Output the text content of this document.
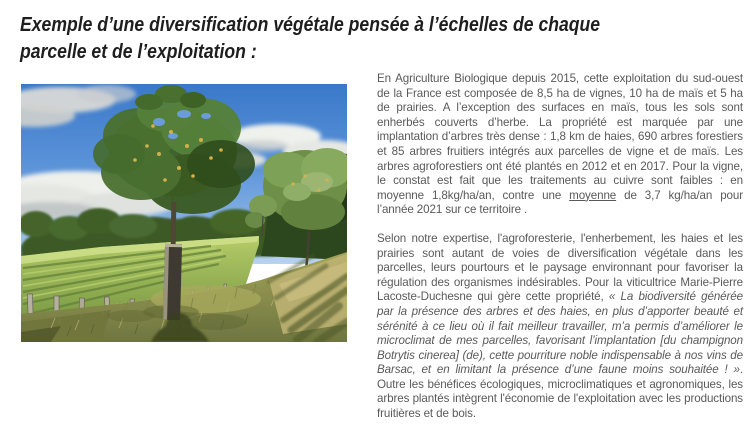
Exemple d’une diversification végétale pensée à l’échelles de chaque
parcelle et de l’exploitation :

En Agriculture Biologique depuis 2015, cette exploitation du sud-ouest de la France est composée de 8,5 ha de vignes, 10 ha de maïs et 5 ha de prairies. A l’exception des surfaces en maïs, tous les sols sont enherbés couverts d’herbe. La propriété est marquée par une implantation d’arbres très dense : 1,8 km de haies, 690 arbres forestiers et 85 arbres fruitiers intégrés aux parcelles de vigne et de maïs. Les arbres agroforestiers ont été plantés en 2012 et en 2017. Pour la vigne, le constat est fait que les traitements au cuivre sont faibles : en moyenne 1,8kg/ha/an, contre une moyenne de 3,7 kg/ha/an pour l’année 2021 sur ce territoire .

Selon notre expertise, l'agroforesterie, l'enherbement, les haies et les prairies sont autant de voies de diversification végétale dans les parcelles, leurs pourtours et le paysage environnant pour favoriser la régulation des organismes indésirables. Pour la viticultrice Marie-Pierre Lacoste-Duchesne qui gère cette propriété, « La biodiversité générée par la présence des arbres et des haies, en plus d’apporter beauté et sérénité à ce lieu où il fait meilleur travailler, m’a permis d’améliorer le microclimat de mes parcelles, favorisant l’implantation [du champignon Botrytis cinerea] (de), cette pourriture noble indispensable à nos vins de Barsac, et en limitant la présence d’une faune moins souhaitée ! ». Outre les bénéfices écologiques, microclimatiques et agronomiques, les arbres plantés intègrent l'économie de l'exploitation avec les productions fruitières et de bois.
